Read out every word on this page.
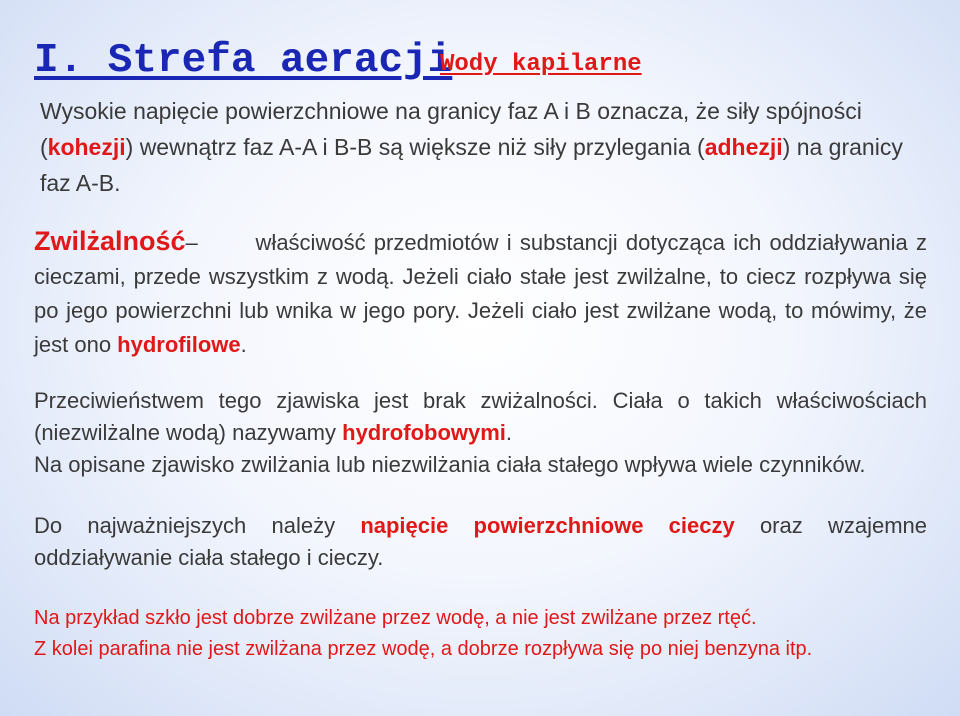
I. Strefa aeracji
Wody kapilarne

Wysokie napięcie powierzchniowe na granicy faz A i B oznacza, że siły spójności (kohezji) wewnątrz faz A-A i B-B są większe niż siły przylegania (adhezji) na granicy faz A-B.

Zwilżalność–	właściwość przedmiotów i substancji dotycząca ich oddziaływania z cieczami, przede wszystkim z wodą. Jeżeli ciało stałe jest zwilżalne, to ciecz rozpływa się po jego powierzchni lub wnika w jego pory. Jeżeli ciało jest zwilżane wodą, to mówimy, że jest ono hydrofilowe.

Przeciwieństwem tego zjawiska jest brak zwiżalności. Ciała o takich właściwościach (niezwilżalne wodą) nazywamy hydrofobowymi.
Na opisane zjawisko zwilżania lub niezwilżania ciała stałego wpływa wiele czynników.

Do najważniejszych należy napięcie powierzchniowe cieczy oraz wzajemne oddziaływanie ciała stałego i cieczy.

Na przykład szkło jest dobrze zwilżane przez wodę, a nie jest zwilżane przez rtęć.
Z kolei parafina nie jest zwilżana przez wodę, a dobrze rozpływa się po niej benzyna itp.
